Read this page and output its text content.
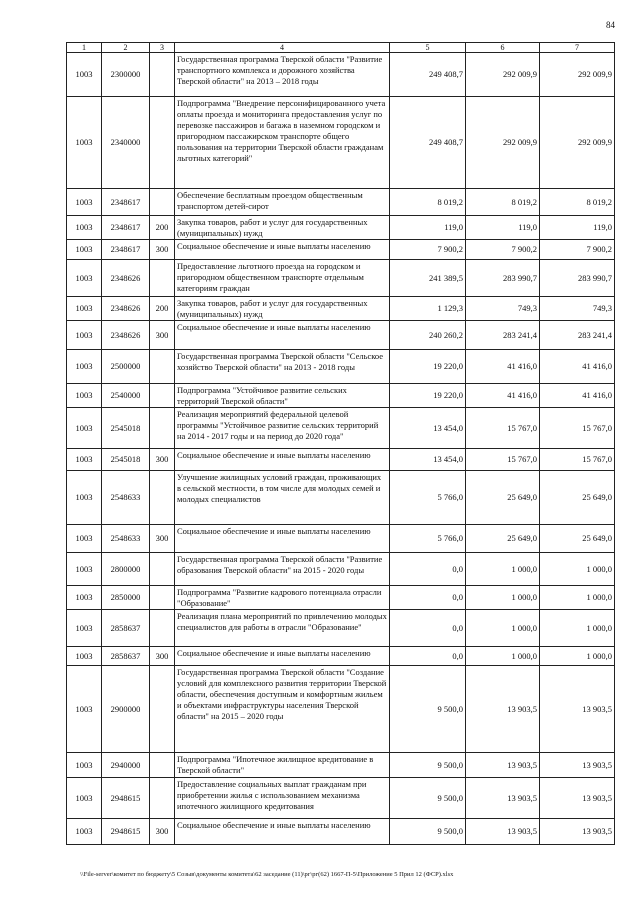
84
1	2	3	4	5	6	7
1003	2300000		Государственная программа Тверской области "Развитие транспортного комплекса и дорожного хозяйства Тверской области" на 2013 – 2018 годы	249 408,7	292 009,9	292 009,9
1003	2340000		Подпрограмма "Внедрение персонифицированного учета оплаты проезда и мониторинга предоставления услуг по перевозке пассажиров и багажа в наземном городском и пригородном пассажирском транспорте общего пользования на территории Тверской области гражданам льготных категорий"	249 408,7	292 009,9	292 009,9
1003	2348617		Обеспечение бесплатным проездом общественным транспортом детей-сирот	8 019,2	8 019,2	8 019,2
1003	2348617	200	Закупка товаров, работ и услуг для государственных (муниципальных) нужд	119,0	119,0	119,0
1003	2348617	300	Социальное обеспечение и иные выплаты населению	7 900,2	7 900,2	7 900,2
1003	2348626		Предоставление льготного проезда на городском и пригородном общественном транспорте отдельным категориям граждан	241 389,5	283 990,7	283 990,7
1003	2348626	200	Закупка товаров, работ и услуг для государственных (муниципальных) нужд	1 129,3	749,3	749,3
1003	2348626	300	Социальное обеспечение и иные выплаты населению	240 260,2	283 241,4	283 241,4
1003	2500000		Государственная программа Тверской области "Сельское хозяйство Тверской области" на 2013 - 2018 годы	19 220,0	41 416,0	41 416,0
1003	2540000		Подпрограмма "Устойчивое развитие сельских территорий Тверской области"	19 220,0	41 416,0	41 416,0
1003	2545018		Реализация мероприятий федеральной целевой программы "Устойчивое развитие сельских территорий на 2014 - 2017 годы и на период до 2020 года"	13 454,0	15 767,0	15 767,0
1003	2545018	300	Социальное обеспечение и иные выплаты населению	13 454,0	15 767,0	15 767,0
1003	2548633		Улучшение жилищных условий граждан, проживающих в сельской местности, в том числе для молодых семей и молодых специалистов	5 766,0	25 649,0	25 649,0
1003	2548633	300	Социальное обеспечение и иные выплаты населению	5 766,0	25 649,0	25 649,0
1003	2800000		Государственная программа Тверской области "Развитие образования Тверской области" на 2015 - 2020 годы	0,0	1 000,0	1 000,0
1003	2850000		Подпрограмма "Развитие кадрового потенциала отрасли "Образование"	0,0	1 000,0	1 000,0
1003	2858637		Реализация плана мероприятий по привлечению молодых специалистов для работы в отрасли "Образование"	0,0	1 000,0	1 000,0
1003	2858637	300	Социальное обеспечение и иные выплаты населению	0,0	1 000,0	1 000,0
1003	2900000		Государственная программа Тверской области "Создание условий для комплексного развития территории Тверской области, обеспечения доступным и комфортным жильем и объектами инфраструктуры населения Тверской области" на 2015 – 2020 годы	9 500,0	13 903,5	13 903,5
1003	2940000		Подпрограмма "Ипотечное жилищное кредитование в Тверской области"	9 500,0	13 903,5	13 903,5
1003	2948615		Предоставление социальных выплат гражданам при приобретении жилья с использованием механизма ипотечного жилищного кредитования	9 500,0	13 903,5	13 903,5
1003	2948615	300	Социальное обеспечение и иные выплаты населению	9 500,0	13 903,5	13 903,5
\\File-server\комитет по бюджету\5 Созыв\документы комитета\62 заседание (11)\рг\рг(62) 1667-П-5\Приложение 5 Прил 12 (ФСР).xlsx
